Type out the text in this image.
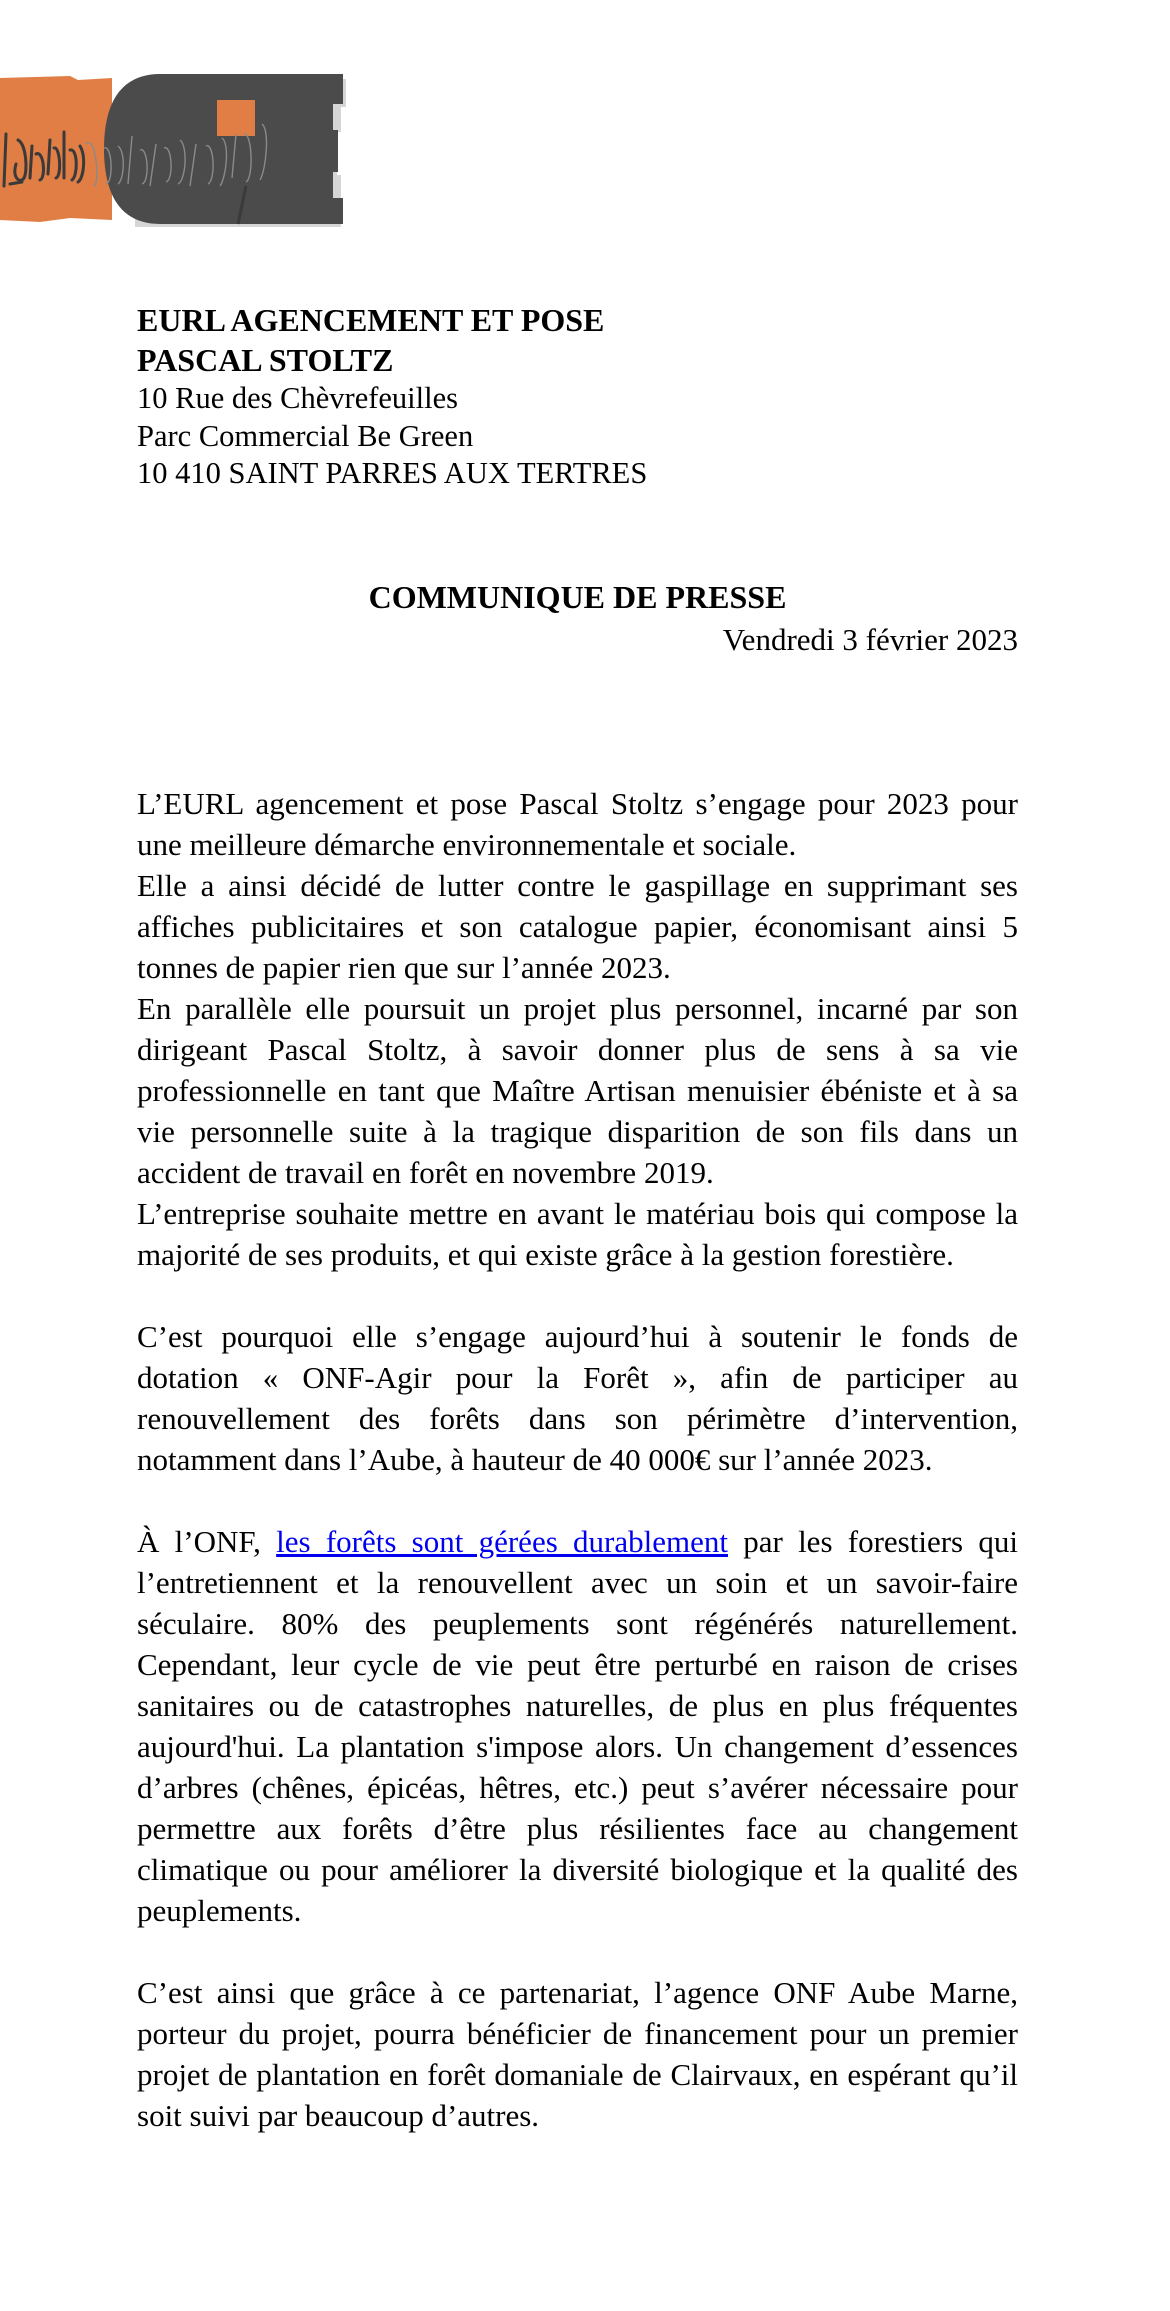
EURL AGENCEMENT ET POSE
PASCAL STOLTZ
10 Rue des Chèvrefeuilles
Parc Commercial Be Green
10 410 SAINT PARRES AUX TERTRES
COMMUNIQUE DE PRESSE
Vendredi 3 février 2023

L’EURL agencement et pose Pascal Stoltz s’engage pour 2023 pour une meilleure démarche environnementale et sociale.

Elle a ainsi décidé de lutter contre le gaspillage en supprimant ses affiches publicitaires et son catalogue papier, économisant ainsi 5 tonnes de papier rien que sur l’année 2023.

En parallèle elle poursuit un projet plus personnel, incarné par son dirigeant Pascal Stoltz, à savoir donner plus de sens à sa vie professionnelle en tant que Maître Artisan menuisier ébéniste et à sa vie personnelle suite à la tragique disparition de son fils dans un accident de travail en forêt en novembre 2019.

L’entreprise souhaite mettre en avant le matériau bois qui compose la majorité de ses produits, et qui existe grâce à la gestion forestière.

C’est pourquoi elle s’engage aujourd’hui à soutenir le fonds de dotation « ONF-Agir pour la Forêt », afin de participer au renouvellement des forêts dans son périmètre d’intervention, notamment dans l’Aube, à hauteur de 40 000€ sur l’année 2023.

À l’ONF, les forêts sont gérées durablement par les forestiers qui l’entretiennent et la renouvellent avec un soin et un savoir-faire séculaire. 80% des peuplements sont régénérés naturellement. Cependant, leur cycle de vie peut être perturbé en raison de crises sanitaires ou de catastrophes naturelles, de plus en plus fréquentes aujourd'hui. La plantation s'impose alors. Un changement d’essences d’arbres (chênes, épicéas, hêtres, etc.) peut s’avérer nécessaire pour permettre aux forêts d’être plus résilientes face au changement climatique ou pour améliorer la diversité biologique et la qualité des peuplements.

C’est ainsi que grâce à ce partenariat, l’agence ONF Aube Marne, porteur du projet, pourra bénéficier de financement pour un premier projet de plantation en forêt domaniale de Clairvaux, en espérant qu’il soit suivi par beaucoup d’autres.
